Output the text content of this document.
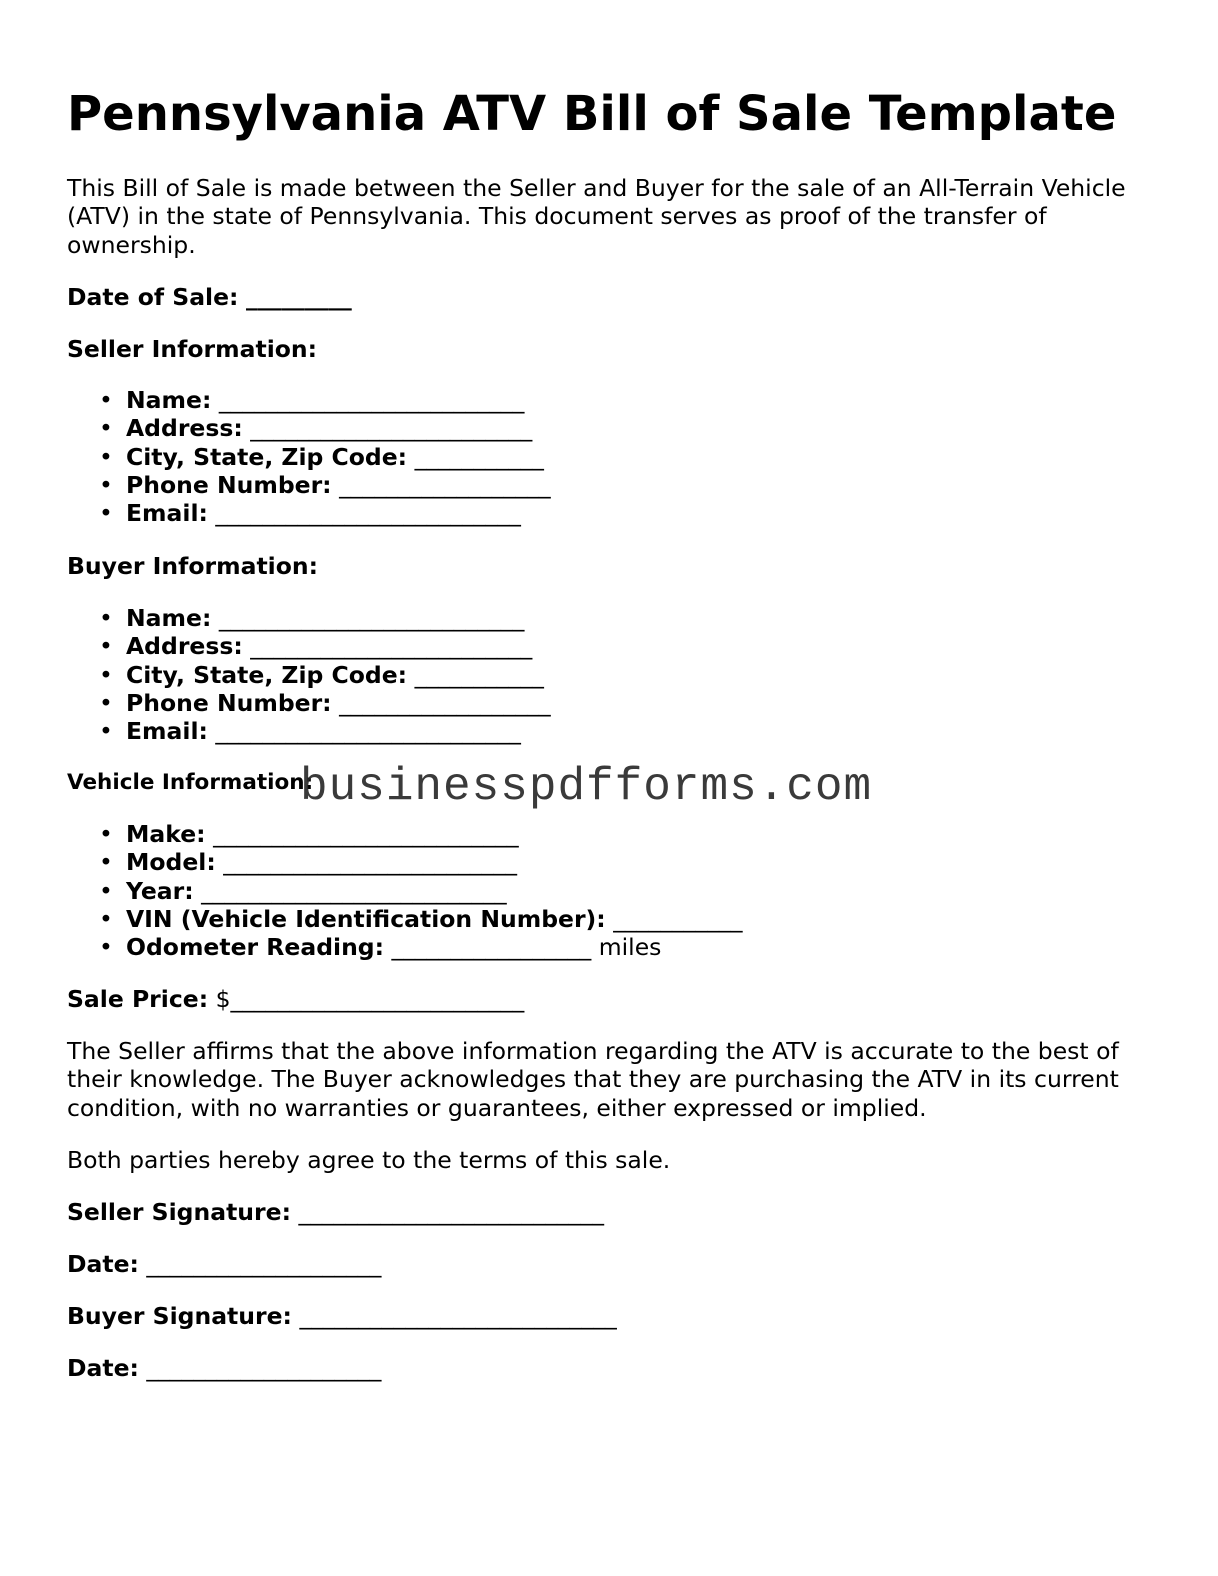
Pennsylvania ATV Bill of Sale Template

This Bill of Sale is made between the Seller and Buyer for the sale of an All-Terrain Vehicle (ATV) in the state of Pennsylvania. This document serves as proof of the transfer of ownership.

Date of Sale: _________

Seller Information:

• Name: __________________________
• Address: ________________________
• City, State, Zip Code: ___________
• Phone Number: __________________
• Email: __________________________

Buyer Information:

• Name: __________________________
• Address: ________________________
• City, State, Zip Code: ___________
• Phone Number: __________________
• Email: __________________________

Vehicle Information:

• Make: __________________________
• Model: _________________________
• Year: __________________________
• VIN (Vehicle Identification Number): ___________
• Odometer Reading: _________________ miles

Sale Price: $_________________________

The Seller affirms that the above information regarding the ATV is accurate to the best of their knowledge. The Buyer acknowledges that they are purchasing the ATV in its current condition, with no warranties or guarantees, either expressed or implied.

Both parties hereby agree to the terms of this sale.

Seller Signature: __________________________

Date: ____________________

Buyer Signature: ___________________________

Date: ____________________

businesspdfforms.com
